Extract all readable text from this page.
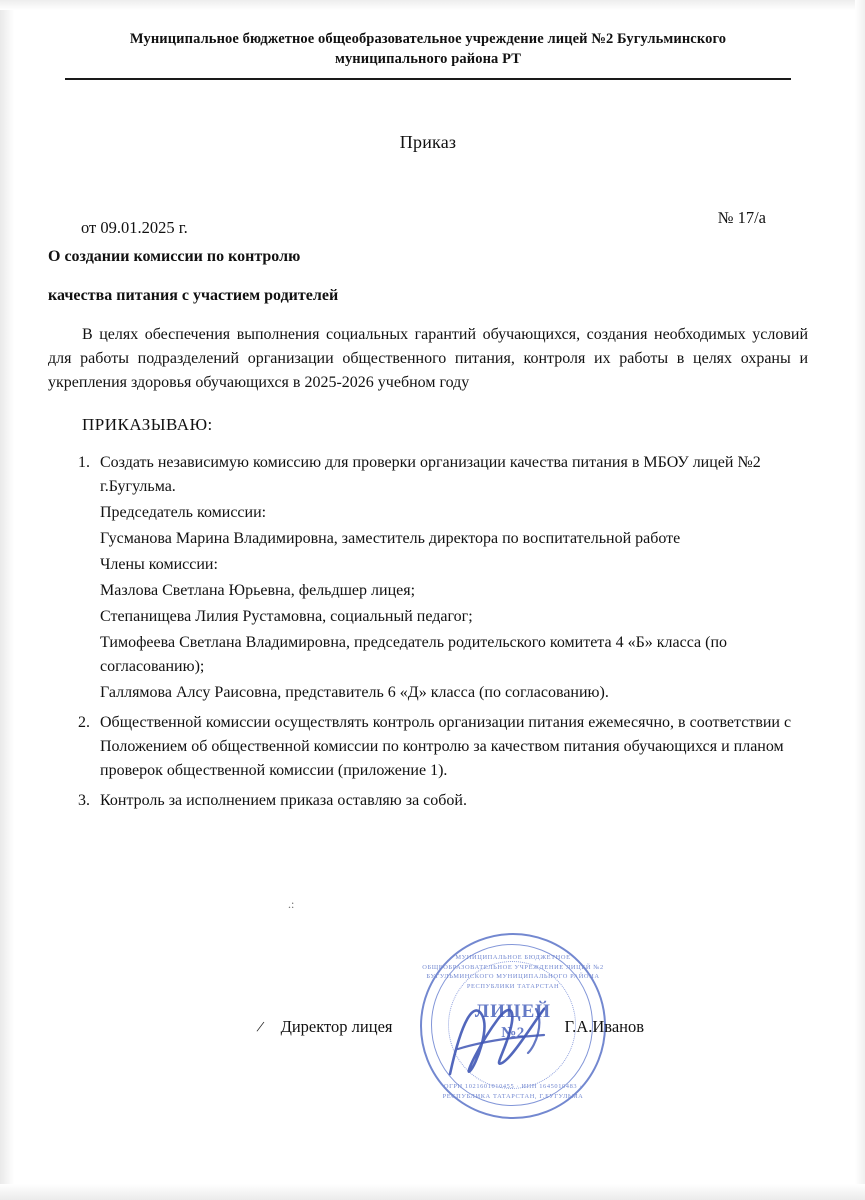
Муниципальное бюджетное общеобразовательное учреждение лицей №2 Бугульминского муниципального района РТ
Приказ
от 09.01.2025 г.
№ 17/а
О создании комиссии по контролю
качества питания с участием родителей
В целях обеспечения выполнения социальных гарантий обучающихся, создания необходимых условий для работы подразделений организации общественного питания, контроля их работы в целях охраны и укрепления здоровья обучающихся в 2025-2026 учебном году
ПРИКАЗЫВАЮ:
1. Создать независимую комиссию для проверки организации качества питания в МБОУ лицей №2 г.Бугульма.
Председатель комиссии:
Гусманова Марина Владимировна, заместитель директора по воспитательной работе
Члены комиссии:
Мазлова Светлана Юрьевна, фельдшер лицея;
Степанищева Лилия Рустамовна, социальный педагог;
Тимофеева Светлана Владимировна, председатель родительского комитета 4 «Б» класса (по согласованию);
Галлямова Алсу Раисовна, представитель 6 «Д» класса (по согласованию).
2. Общественной комиссии осуществлять контроль организации питания ежемесячно, в соответствии с Положением об общественной комиссии по контролю за качеством питания обучающихся и планом проверок общественной комиссии (приложение 1).
3. Контроль за исполнением приказа оставляю за собой.
.:
МУНИЦИПАЛЬНОЕ БЮДЖЕТНОЕ ОБЩЕОБРАЗОВАТЕЛЬНОЕ УЧРЕЖДЕНИЕ ЛИЦЕЙ №2 БУГУЛЬМИНСКОГО МУНИЦИПАЛЬНОГО РАЙОНА РЕСПУБЛИКИ ТАТАРСТАН
ЛИЦЕЙ
№2
ОГРН 1021601010455 · ИНН 1645010483 · РЕСПУБЛИКА ТАТАРСТАН, Г.БУГУЛЬМА
/ Директор лицея	Г.А.Иванов
